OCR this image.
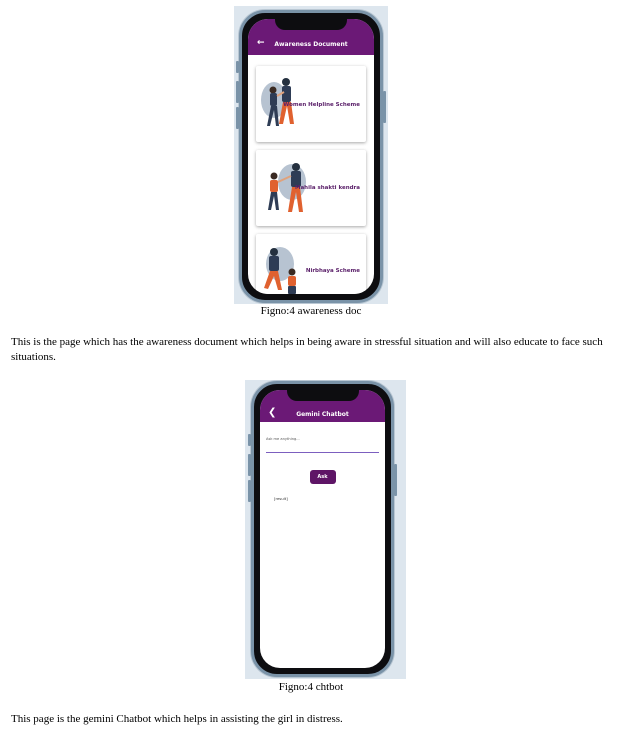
←	Awareness Document
Women Helpline Scheme
Mahila shakti kendra
Nirbhaya Scheme
Figno:4 awareness doc
This is the page which has the awareness document which helps in being aware in stressful situation and will also educate to face such situations.
❮	Gemini Chatbot
Ask me anything...
Ask
[result]
Figno:4 chtbot
This page is the gemini Chatbot which helps in assisting the girl in distress.
